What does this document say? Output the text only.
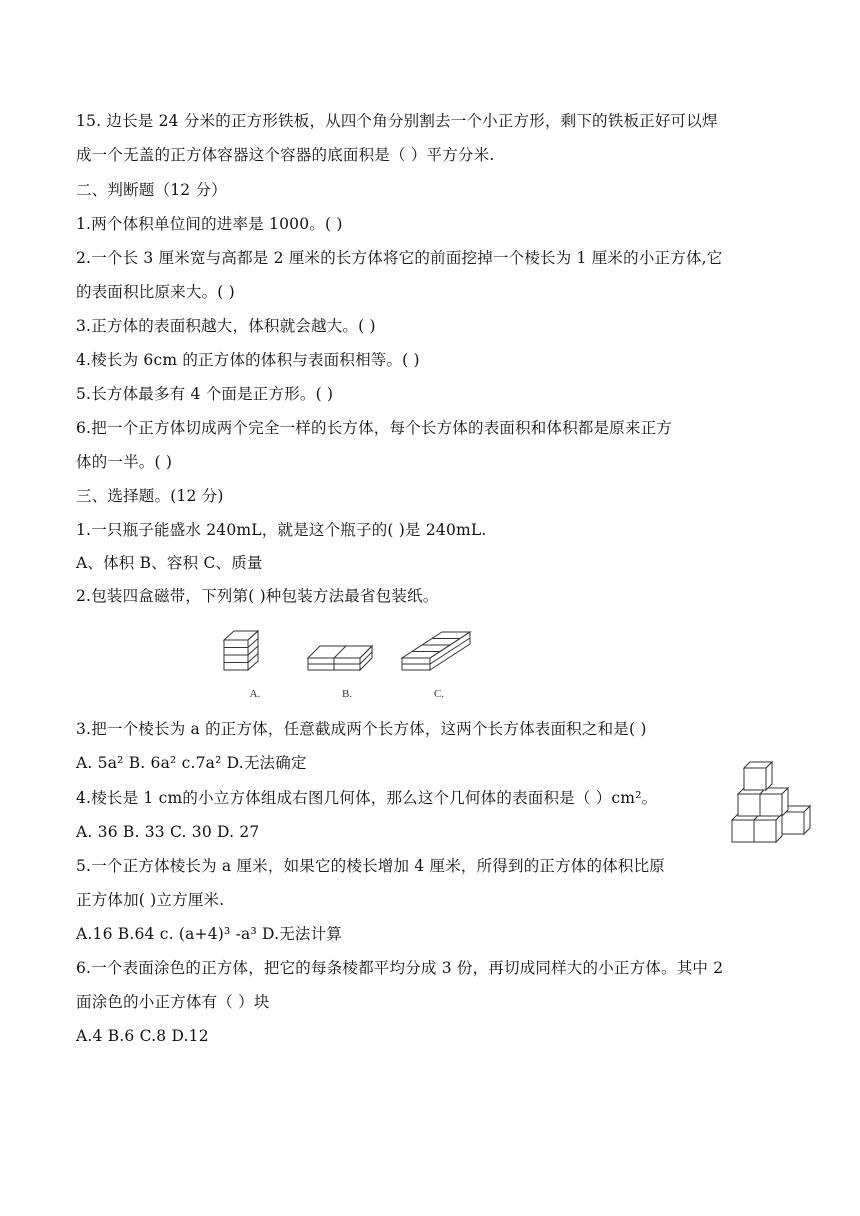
15. 边长是 24 分米的正方形铁板，从四个角分别割去一个小正方形，剩下的铁板正好可以焊
成一个无盖的正方体容器这个容器的底面积是（ ）平方分米.
二、判断题（12 分）
1.两个体积单位间的进率是 1000。( )
2.一个长 3 厘米宽与高都是 2 厘米的长方体将它的前面挖掉一个棱长为 1 厘米的小正方体,它
的表面积比原来大。( )
3.正方体的表面积越大，体积就会越大。( )
4.棱长为 6cm 的正方体的体积与表面积相等。( )
5.长方体最多有 4 个面是正方形。( )
6.把一个正方体切成两个完全一样的长方体，每个长方体的表面积和体积都是原来正方
体的一半。( )
三、选择题。(12 分)
1.一只瓶子能盛水 240mL，就是这个瓶子的( )是 240mL.
A、体积 B、容积 C、质量
2.包装四盒磁带，下列第( )种包装方法最省包装纸。
A.	B.	C.
3.把一个棱长为 a 的正方体，任意截成两个长方体，这两个长方体表面积之和是( )
A. 5a² B. 6a² c.7a² D.无法确定
4.棱长是 1 cm的小立方体组成右图几何体，那么这个几何体的表面积是（ ）cm²。
A. 36 B. 33 C. 30 D. 27
5.一个正方体棱长为 a 厘米，如果它的棱长增加 4 厘米，所得到的正方体的体积比原
正方体加( )立方厘米.
A.16 B.64 c. (a+4)³ -a³ D.无法计算
6.一个表面涂色的正方体，把它的每条棱都平均分成 3 份，再切成同样大的小正方体。其中 2
面涂色的小正方体有（ ）块
A.4 B.6 C.8 D.12
